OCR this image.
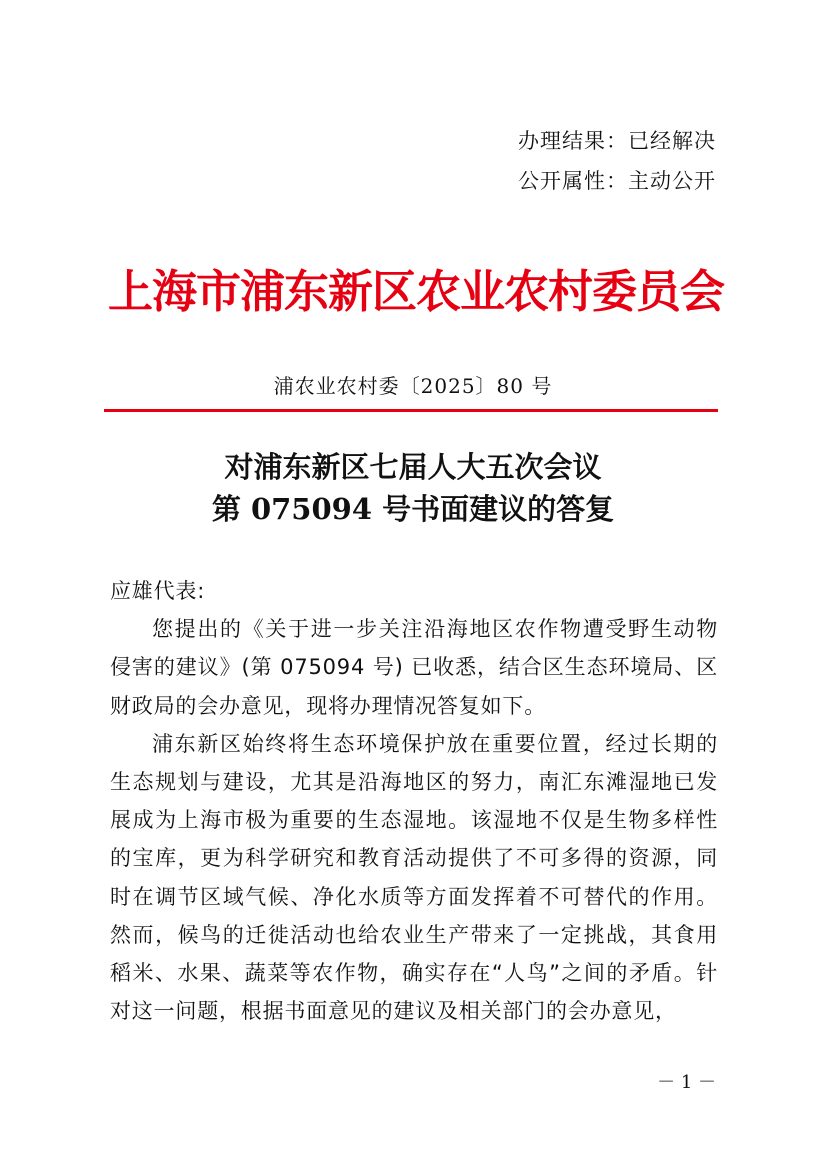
办理结果：已经解决
公开属性：主动公开
上海市浦东新区农业农村委员会
浦农业农村委〔2025〕80 号
对浦东新区七届人大五次会议
第 075094 号书面建议的答复

应雄代表:

您提出的《关于进一步关注沿海地区农作物遭受野生动物侵害的建议》(第 075094 号) 已收悉，结合区生态环境局、区财政局的会办意见，现将办理情况答复如下。

浦东新区始终将生态环境保护放在重要位置，经过长期的生态规划与建设，尤其是沿海地区的努力，南汇东滩湿地已发展成为上海市极为重要的生态湿地。该湿地不仅是生物多样性的宝库，更为科学研究和教育活动提供了不可多得的资源，同时在调节区域气候、净化水质等方面发挥着不可替代的作用。然而，候鸟的迁徙活动也给农业生产带来了一定挑战，其食用稻米、水果、蔬菜等农作物，确实存在“人鸟”之间的矛盾。针对这一问题，根据书面意见的建议及相关部门的会办意见，

－ 1 －
